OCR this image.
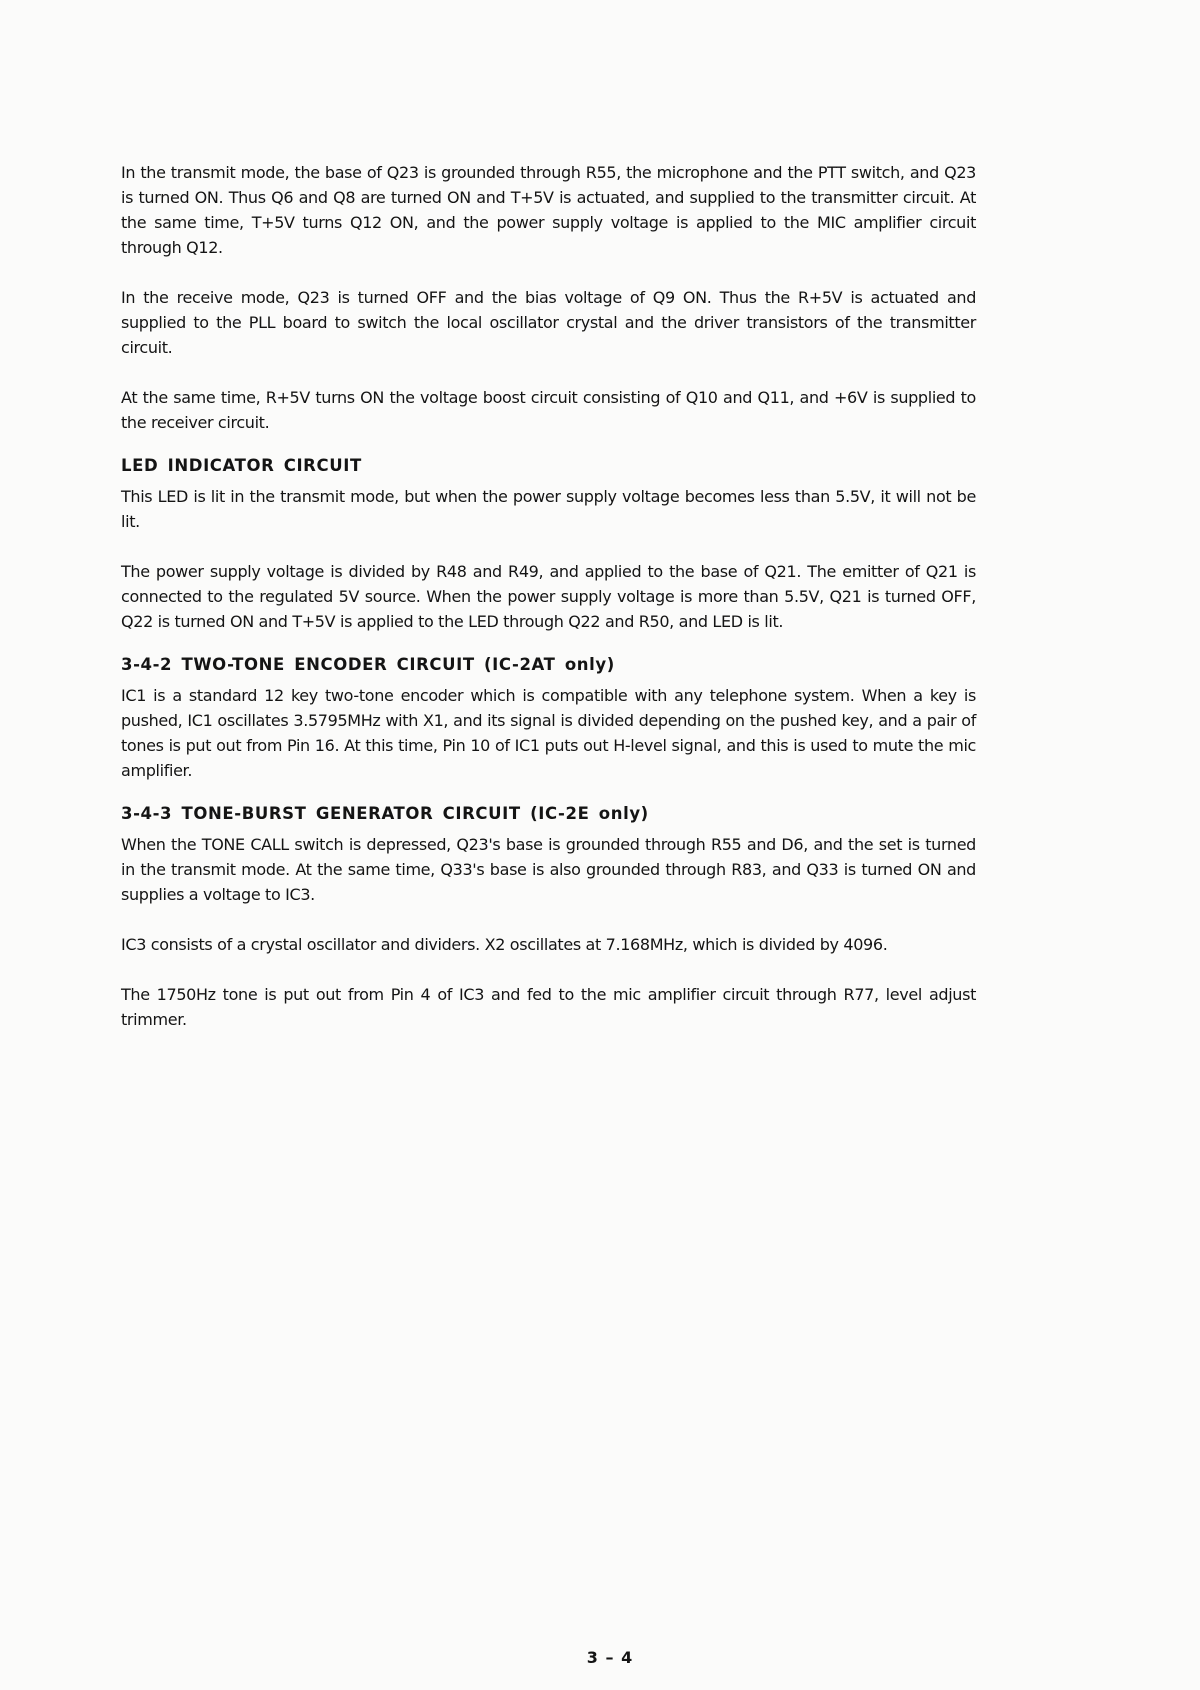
In the transmit mode, the base of Q23 is grounded through R55, the microphone and the PTT switch, and Q23 is turned ON. Thus Q6 and Q8 are turned ON and T+5V is actuated, and supplied to the transmitter circuit. At the same time, T+5V turns Q12 ON, and the power supply voltage is applied to the MIC amplifier circuit through Q12.

In the receive mode, Q23 is turned OFF and the bias voltage of Q9 ON. Thus the R+5V is actuated and supplied to the PLL board to switch the local oscillator crystal and the driver transistors of the transmitter circuit.

At the same time, R+5V turns ON the voltage boost circuit consisting of Q10 and Q11, and +6V is supplied to the receiver circuit.

LED INDICATOR CIRCUIT

This LED is lit in the transmit mode, but when the power supply voltage becomes less than 5.5V, it will not be lit.

The power supply voltage is divided by R48 and R49, and applied to the base of Q21. The emitter of Q21 is connected to the regulated 5V source. When the power supply voltage is more than 5.5V, Q21 is turned OFF, Q22 is turned ON and T+5V is applied to the LED through Q22 and R50, and LED is lit.

3-4-2 TWO-TONE ENCODER CIRCUIT (IC-2AT only)

IC1 is a standard 12 key two-tone encoder which is compatible with any telephone system. When a key is pushed, IC1 oscillates 3.5795MHz with X1, and its signal is divided depending on the pushed key, and a pair of tones is put out from Pin 16. At this time, Pin 10 of IC1 puts out H-level signal, and this is used to mute the mic amplifier.

3-4-3 TONE-BURST GENERATOR CIRCUIT (IC-2E only)

When the TONE CALL switch is depressed, Q23's base is grounded through R55 and D6, and the set is turned in the transmit mode. At the same time, Q33's base is also grounded through R83, and Q33 is turned ON and supplies a voltage to IC3.

IC3 consists of a crystal oscillator and dividers. X2 oscillates at 7.168MHz, which is divided by 4096.

The 1750Hz tone is put out from Pin 4 of IC3 and fed to the mic amplifier circuit through R77, level adjust trimmer.

3 – 4
